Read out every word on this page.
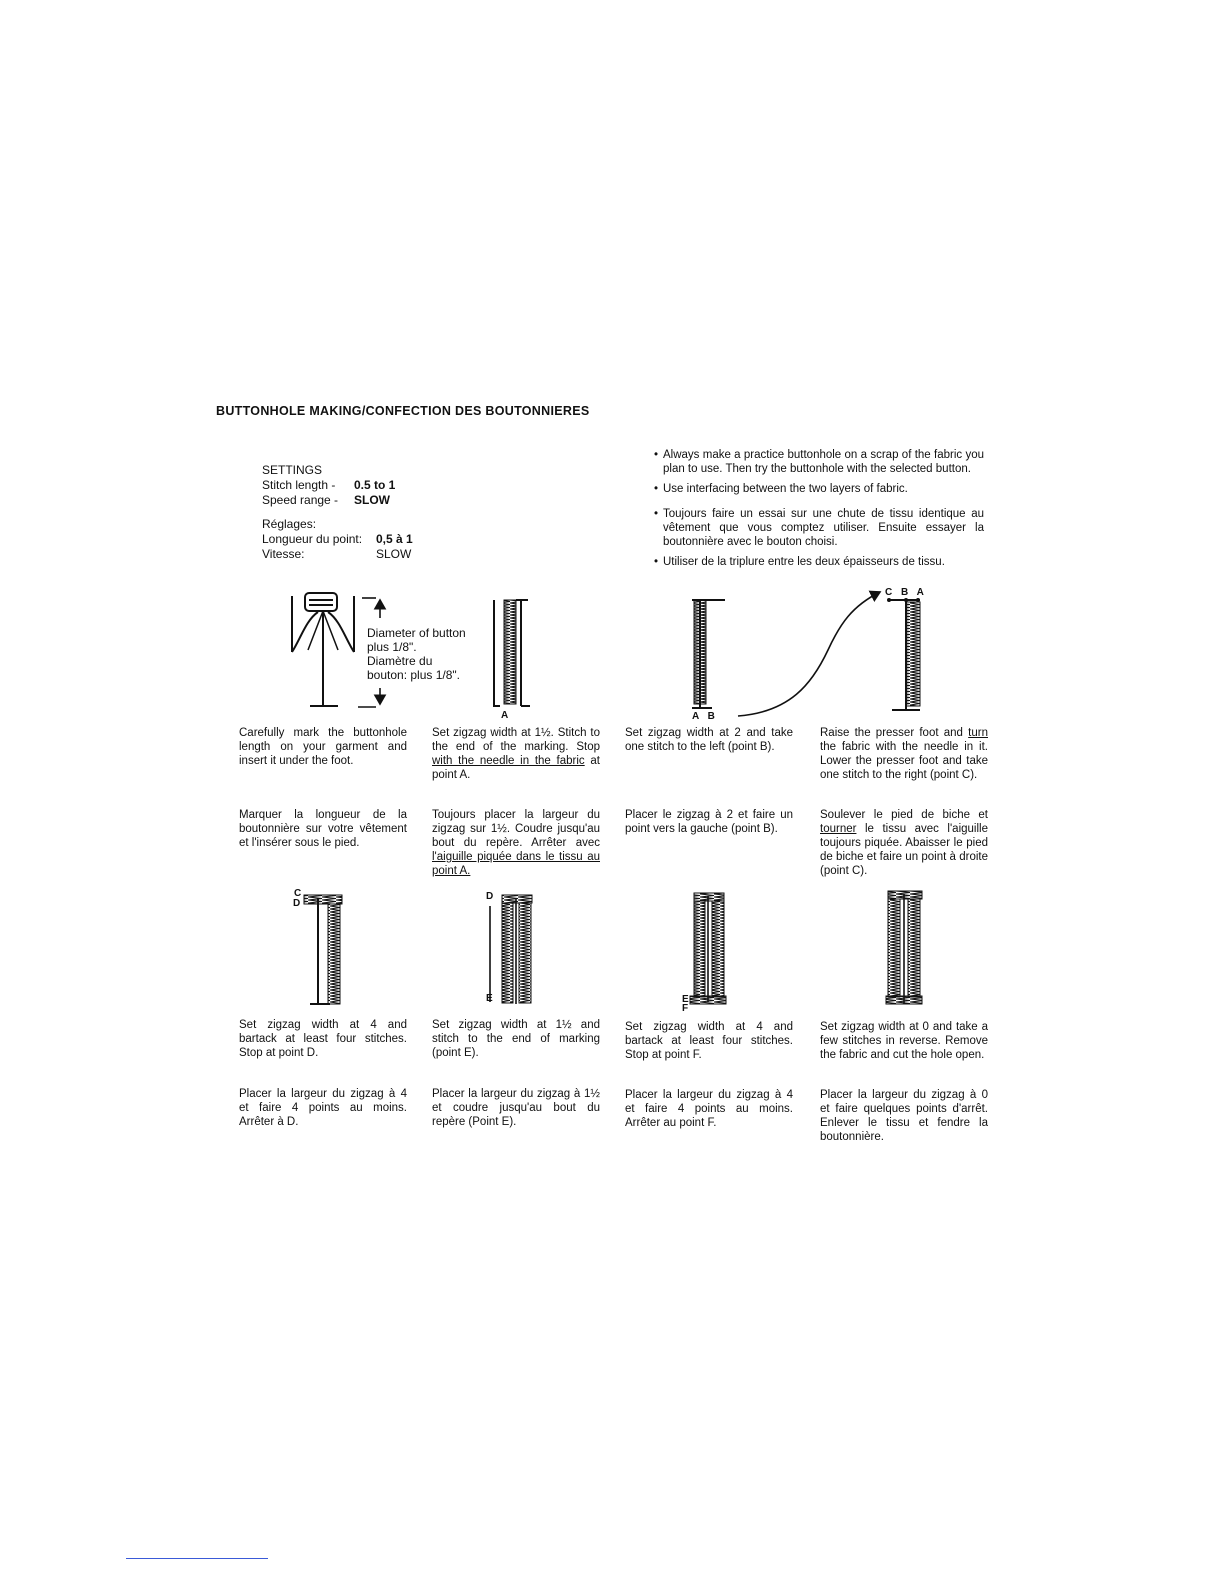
BUTTONHOLE MAKING/CONFECTION DES BOUTONNIERES
SETTINGS
Stitch length -	0.5 to 1
Speed range -	SLOW
Réglages:
Longueur du point:	0,5 à 1
Vitesse:	SLOW
• Always make a practice buttonhole on a scrap of the fabric you plan to use. Then try the buttonhole with the selected button.
• Use interfacing between the two layers of fabric.
• Toujours faire un essai sur une chute de tissu identique au vêtement que vous comptez utiliser. Ensuite essayer la boutonnière avec le bouton choisi.
• Utiliser de la triplure entre les deux épaisseurs de tissu.
Diameter of button
plus 1/8".
Diamètre du
bouton: plus 1/8".
A	A B
C B A
C
D
D
E	E
F
Carefully mark the buttonhole length on your garment and insert it under the foot.
Set zigzag width at 1½. Stitch to the end of the marking. Stop with the needle in the fabric at point A.
Set zigzag width at 2 and take one stitch to the left (point B).
Raise the presser foot and turn the fabric with the needle in it. Lower the presser foot and take one stitch to the right (point C).
Marquer la longueur de la boutonnière sur votre vêtement et l'insérer sous le pied.
Toujours placer la largeur du zigzag sur 1½. Coudre jusqu'au bout du repère. Arrêter avec l'aiguille piquée dans le tissu au point A.
Placer le zigzag à 2 et faire un point vers la gauche (point B).
Soulever le pied de biche et tourner le tissu avec l'aiguille toujours piquée. Abaisser le pied de biche et faire un point à droite (point C).
Set zigzag width at 4 and bartack at least four stitches. Stop at point D.
Set zigzag width at 1½ and stitch to the end of marking (point E).
Set zigzag width at 4 and bartack at least four stitches. Stop at point F.
Set zigzag width at 0 and take a few stitches in reverse. Remove the fabric and cut the hole open.
Placer la largeur du zigzag à 4 et faire 4 points au moins. Arrêter à D.
Placer la largeur du zigzag à 1½ et coudre jusqu'au bout du repère (Point E).
Placer la largeur du zigzag à 4 et faire 4 points au moins. Arrêter au point F.
Placer la largeur du zigzag à 0 et faire quelques points d'arrêt. Enlever le tissu et fendre la boutonnière.
